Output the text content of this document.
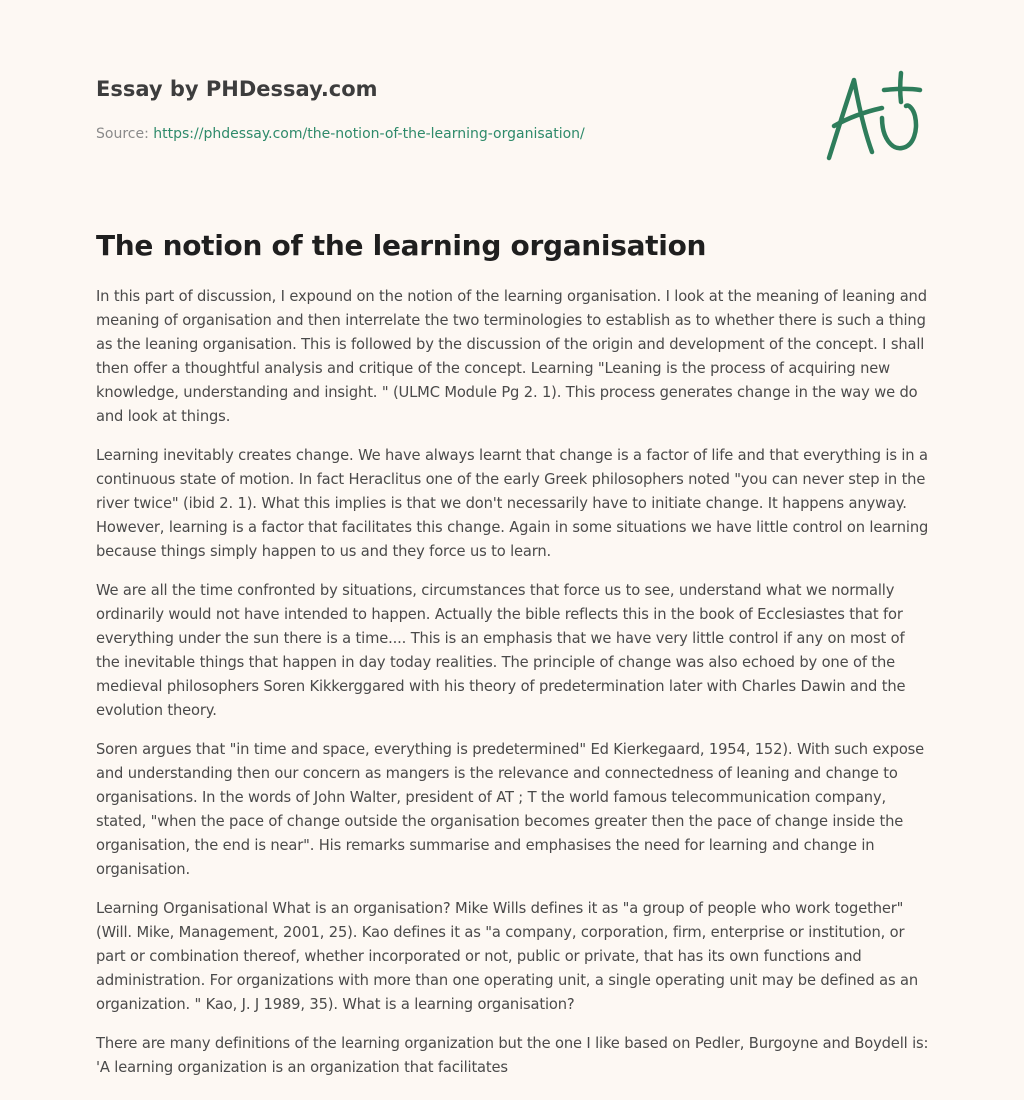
Essay by PHDessay.com
Source: https://phdessay.com/the-notion-of-the-learning-organisation/
The notion of the learning organisation

In this part of discussion, I expound on the notion of the learning organisation. I look at the meaning of leaning and meaning of organisation and then interrelate the two terminologies to establish as to whether there is such a thing as the leaning organisation. This is followed by the discussion of the origin and development of the concept. I shall then offer a thoughtful analysis and critique of the concept. Learning "Leaning is the process of acquiring new knowledge, understanding and insight. " (ULMC Module Pg 2. 1). This process generates change in the way we do and look at things.

Learning inevitably creates change. We have always learnt that change is a factor of life and that everything is in a continuous state of motion. In fact Heraclitus one of the early Greek philosophers noted "you can never step in the river twice" (ibid 2. 1). What this implies is that we don't necessarily have to initiate change. It happens anyway. However, learning is a factor that facilitates this change. Again in some situations we have little control on learning because things simply happen to us and they force us to learn.

We are all the time confronted by situations, circumstances that force us to see, understand what we normally ordinarily would not have intended to happen. Actually the bible reflects this in the book of Ecclesiastes that for everything under the sun there is a time.... This is an emphasis that we have very little control if any on most of the inevitable things that happen in day today realities. The principle of change was also echoed by one of the medieval philosophers Soren Kikkerggared with his theory of predetermination later with Charles Dawin and the evolution theory.

Soren argues that "in time and space, everything is predetermined" Ed Kierkegaard, 1954, 152). With such expose and understanding then our concern as mangers is the relevance and connectedness of leaning and change to organisations. In the words of John Walter, president of AT ; T the world famous telecommunication company, stated, "when the pace of change outside the organisation becomes greater then the pace of change inside the organisation, the end is near". His remarks summarise and emphasises the need for learning and change in organisation.

Learning Organisational What is an organisation? Mike Wills defines it as "a group of people who work together" (Will. Mike, Management, 2001, 25). Kao defines it as "a company, corporation, firm, enterprise or institution, or part or combination thereof, whether incorporated or not, public or private, that has its own functions and administration. For organizations with more than one operating unit, a single operating unit may be defined as an organization. " Kao, J. J 1989, 35). What is a learning organisation?

There are many definitions of the learning organization but the one I like based on Pedler, Burgoyne and Boydell is: 'A learning organization is an organization that facilitates
